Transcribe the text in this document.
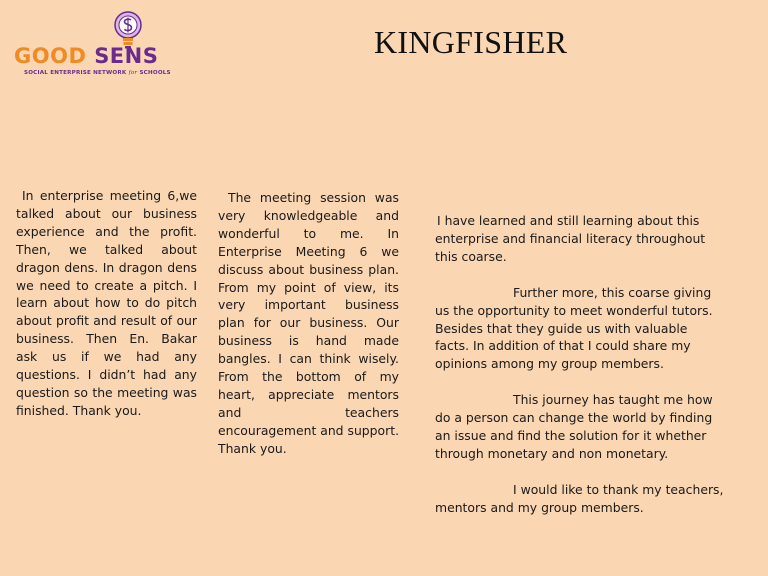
GOOD SENS
SOCIAL ENTERPRISE NETWORK for SCHOOLS
KINGFISHER

In enterprise meeting 6,we talked about our business experience and the profit. Then, we talked about dragon dens. In dragon dens we need to create a pitch. I learn about how to do pitch about profit and result of our business. Then En. Bakar ask us if we had any questions. I didn’t had any question so the meeting was finished. Thank you.

The meeting session was very knowledgeable and wonderful to me. In Enterprise Meeting 6 we discuss about business plan. From my point of view, its very important business plan for our business. Our business is hand made bangles. I can think wisely. From the bottom of my heart, appreciate mentors and teachers encouragement and support. Thank you.

I have learned and still learning about this enterprise and financial literacy throughout this coarse.

Further more, this coarse giving us the opportunity to meet wonderful tutors. Besides that they guide us with valuable facts. In addition of that I could share my opinions among my group members.

This journey has taught me how do a person can change the world by finding an issue and find the solution for it whether through monetary and non monetary.

I would like to thank my teachers, mentors and my group members.
